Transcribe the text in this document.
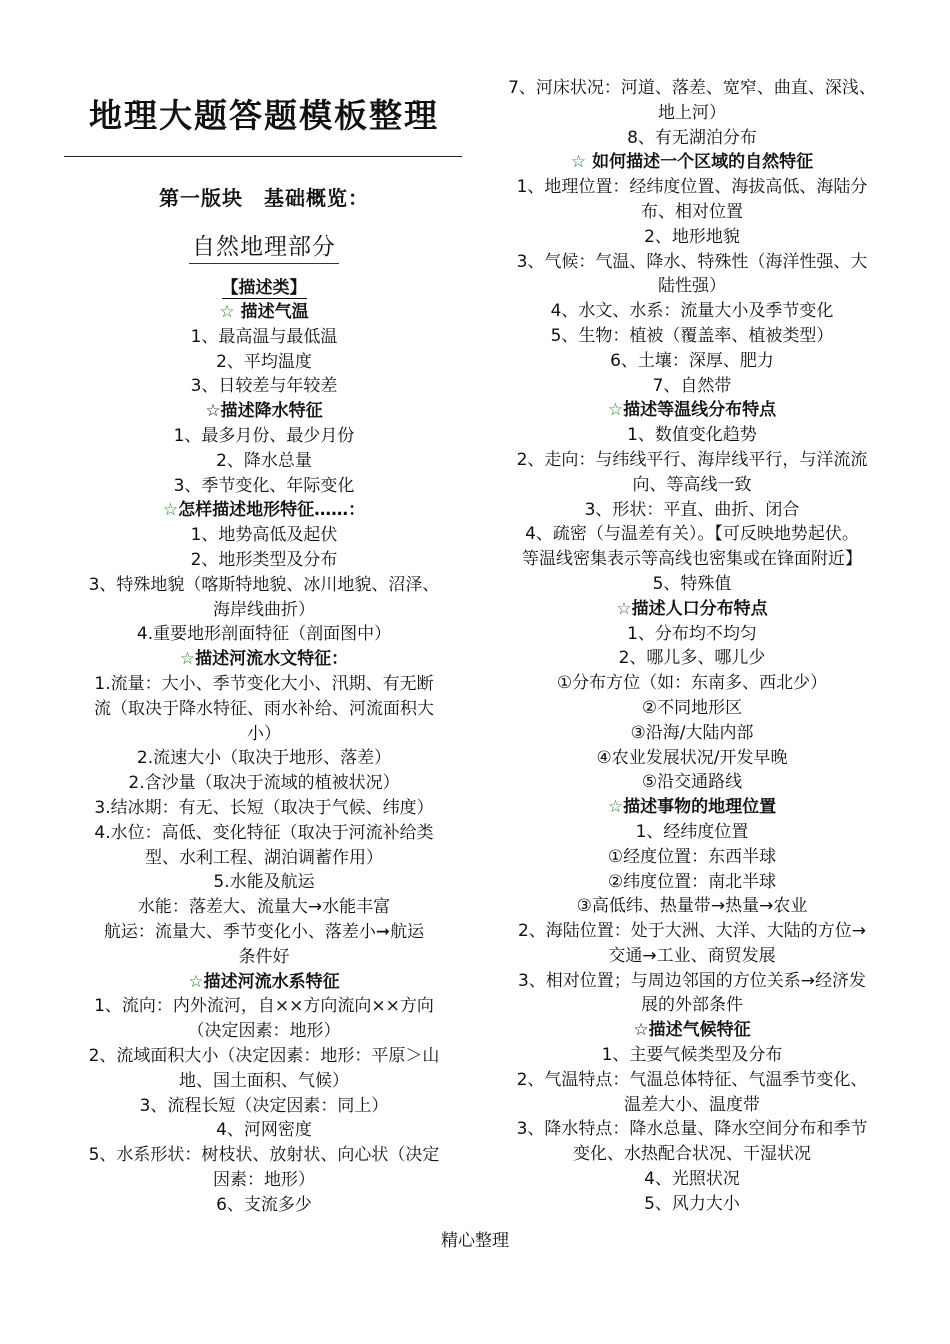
地理大题答题模板整理
第一版块　基础概览：
自然地理部分
【描述类】
☆ 描述气温
1、最高温与最低温
2、平均温度
3、日较差与年较差
☆描述降水特征
1、最多月份、最少月份
2、降水总量
3、季节变化、年际变化
☆怎样描述地形特征……：
1、地势高低及起伏
2、地形类型及分布
3、特殊地貌（喀斯特地貌、冰川地貌、沼泽、
海岸线曲折）
4.重要地形剖面特征（剖面图中）
☆描述河流水文特征：
1.流量：大小、季节变化大小、汛期、有无断
流（取决于降水特征、雨水补给、河流面积大
小）
2.流速大小（取决于地形、落差）
2.含沙量（取决于流域的植被状况）
3.结冰期：有无、长短（取决于气候、纬度）
4.水位：高低、变化特征（取决于河流补给类
型、水利工程、湖泊调蓄作用）
5.水能及航运
水能：落差大、流量大→水能丰富
航运：流量大、季节变化小、落差小➞航运
条件好
☆描述河流水系特征
1、流向：内外流河，自××方向流向××方向
（决定因素：地形）
2、流域面积大小（决定因素：地形：平原＞山
地、国土面积、气候）
3、流程长短（决定因素：同上）
4、河网密度
5、水系形状：树枝状、放射状、向心状（决定
因素：地形）
6、支流多少
7、河床状况：河道、落差、宽窄、曲直、深浅、
地上河）
8、有无湖泊分布
☆ 如何描述一个区域的自然特征
1、地理位置：经纬度位置、海拔高低、海陆分
布、相对位置
2、地形地貌
3、气候：气温、降水、特殊性（海洋性强、大
陆性强）
4、水文、水系：流量大小及季节变化
5、生物：植被（覆盖率、植被类型）
6、土壤：深厚、肥力
7、自然带
☆描述等温线分布特点
1、数值变化趋势
2、走向：与纬线平行、海岸线平行，与洋流流
向、等高线一致
3、形状：平直、曲折、闭合
4、疏密（与温差有关）。【可反映地势起伏。
等温线密集表示等高线也密集或在锋面附近】
5、特殊值
☆描述人口分布特点
1、分布均不均匀
2、哪儿多、哪儿少
①分布方位（如：东南多、西北少）
②不同地形区
③沿海/大陆内部
④农业发展状况/开发早晚
⑤沿交通路线
☆描述事物的地理位置
1、经纬度位置
①经度位置：东西半球
②纬度位置：南北半球
③高低纬、热量带→热量→农业
2、海陆位置：处于大洲、大洋、大陆的方位→
交通→工业、商贸发展
3、相对位置；与周边邻国的方位关系→经济发
展的外部条件
☆描述气候特征
1、主要气候类型及分布
2、气温特点：气温总体特征、气温季节变化、
温差大小、温度带
3、降水特点：降水总量、降水空间分布和季节
变化、水热配合状况、干湿状况
4、光照状况
5、风力大小
精心整理
